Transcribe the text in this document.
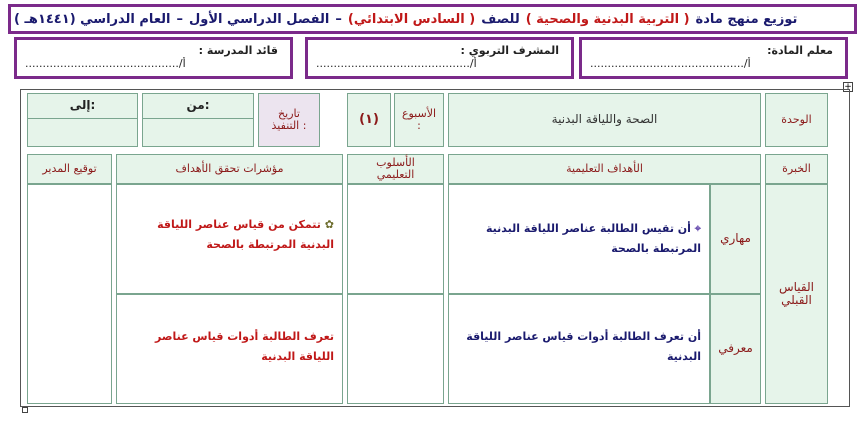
توزيع منهج مادة
( التربية البدنية والصحية )
للصف
( السادس الابتدائي)
–
الفصل الدراسي الأول
–
العام الدراسي (١٤٤١هـ )
معلم المادة:
أ/............................................
المشرف التربوي :
أ/............................................
قائد المدرسة :
أ/............................................
+
الوحدة
الصحة واللياقة البدنية
الأسبوع :
(١)
تاريخ التنفيذ :
من:
إلى:
الخبرة
الأهداف التعليمية
الأسلوب التعليمي
مؤشرات تحقق الأهداف
توقيع المدير
القياس القبلي
مهاري
⌖ أن تقيس الطالبة عناصر اللياقة البدنية المرتبطة بالصحة
✿ تتمكن من قياس عناصر اللياقة البدنية المرتبطة بالصحة
معرفي
أن تعرف الطالبة أدوات قياس عناصر اللياقة البدنية
تعرف الطالبة أدوات قياس عناصر اللياقة البدنية
